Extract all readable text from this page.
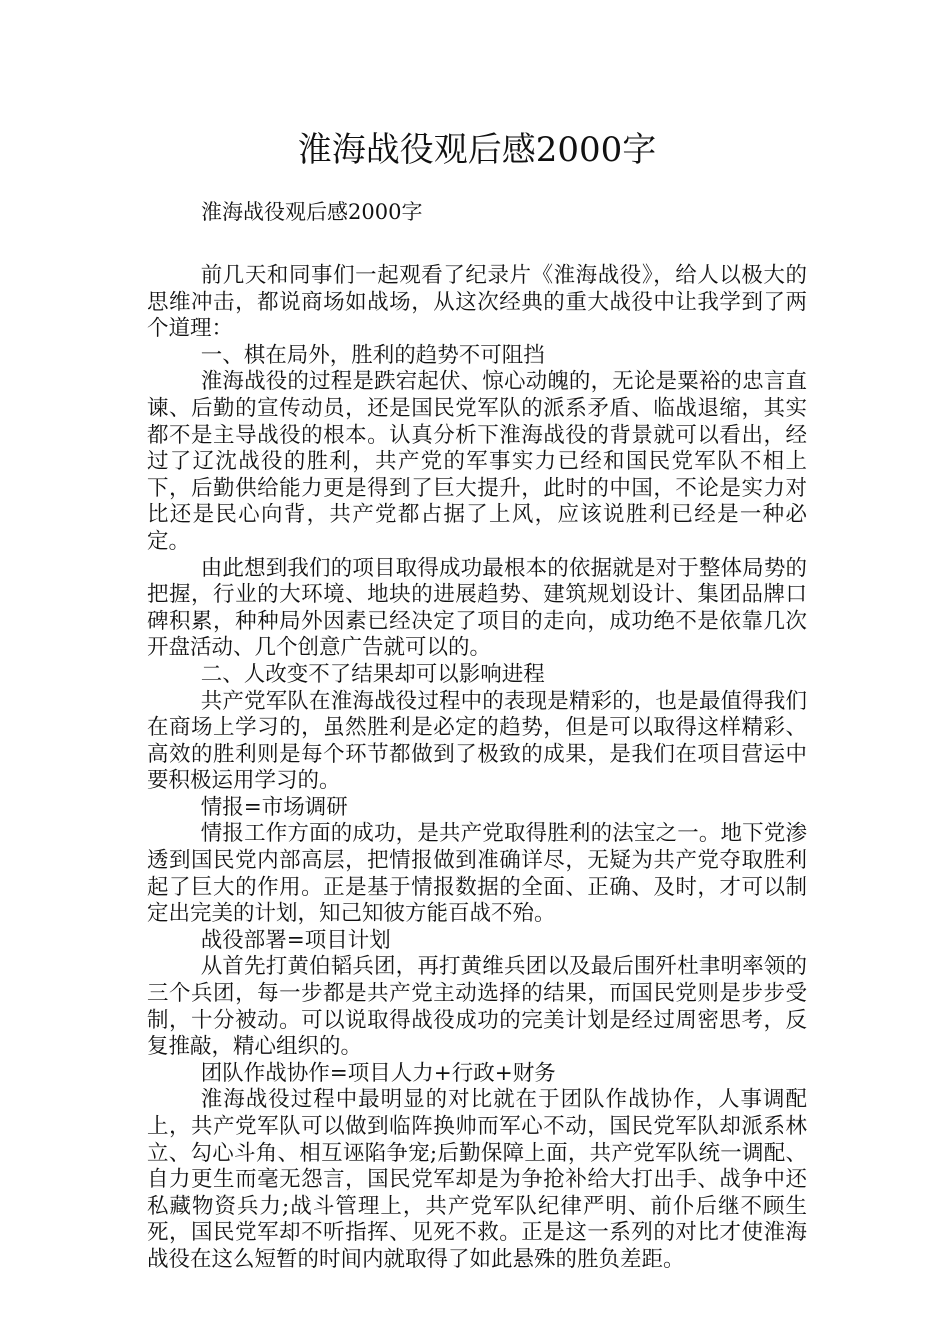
淮海战役观后感2000字

淮海战役观后感2000字

前几天和同事们一起观看了纪录片《淮海战役》，给人以极大的思维冲击，都说商场如战场，从这次经典的重大战役中让我学到了两个道理：

一、棋在局外，胜利的趋势不可阻挡

淮海战役的过程是跌宕起伏、惊心动魄的，无论是粟裕的忠言直谏、后勤的宣传动员，还是国民党军队的派系矛盾、临战退缩，其实都不是主导战役的根本。认真分析下淮海战役的背景就可以看出，经过了辽沈战役的胜利，共产党的军事实力已经和国民党军队不相上下，后勤供给能力更是得到了巨大提升，此时的中国，不论是实力对比还是民心向背，共产党都占据了上风，应该说胜利已经是一种必定。

由此想到我们的项目取得成功最根本的依据就是对于整体局势的把握，行业的大环境、地块的进展趋势、建筑规划设计、集团品牌口碑积累，种种局外因素已经决定了项目的走向，成功绝不是依靠几次开盘活动、几个创意广告就可以的。

二、人改变不了结果却可以影响进程

共产党军队在淮海战役过程中的表现是精彩的，也是最值得我们在商场上学习的，虽然胜利是必定的趋势，但是可以取得这样精彩、高效的胜利则是每个环节都做到了极致的成果，是我们在项目营运中要积极运用学习的。

情报=市场调研

情报工作方面的成功，是共产党取得胜利的法宝之一。地下党渗透到国民党内部高层，把情报做到准确详尽，无疑为共产党夺取胜利起了巨大的作用。正是基于情报数据的全面、正确、及时，才可以制定出完美的计划，知己知彼方能百战不殆。

战役部署=项目计划

从首先打黄伯韬兵团，再打黄维兵团以及最后围歼杜聿明率领的三个兵团，每一步都是共产党主动选择的结果，而国民党则是步步受制，十分被动。可以说取得战役成功的完美计划是经过周密思考，反复推敲，精心组织的。

团队作战协作=项目人力+行政+财务

淮海战役过程中最明显的对比就在于团队作战协作，人事调配上，共产党军队可以做到临阵换帅而军心不动，国民党军队却派系林立、勾心斗角、相互诬陷争宠;后勤保障上面，共产党军队统一调配、自力更生而毫无怨言，国民党军却是为争抢补给大打出手、战争中还私藏物资兵力;战斗管理上，共产党军队纪律严明、前仆后继不顾生死，国民党军却不听指挥、见死不救。正是这一系列的对比才使淮海战役在这么短暂的时间内就取得了如此悬殊的胜负差距。
